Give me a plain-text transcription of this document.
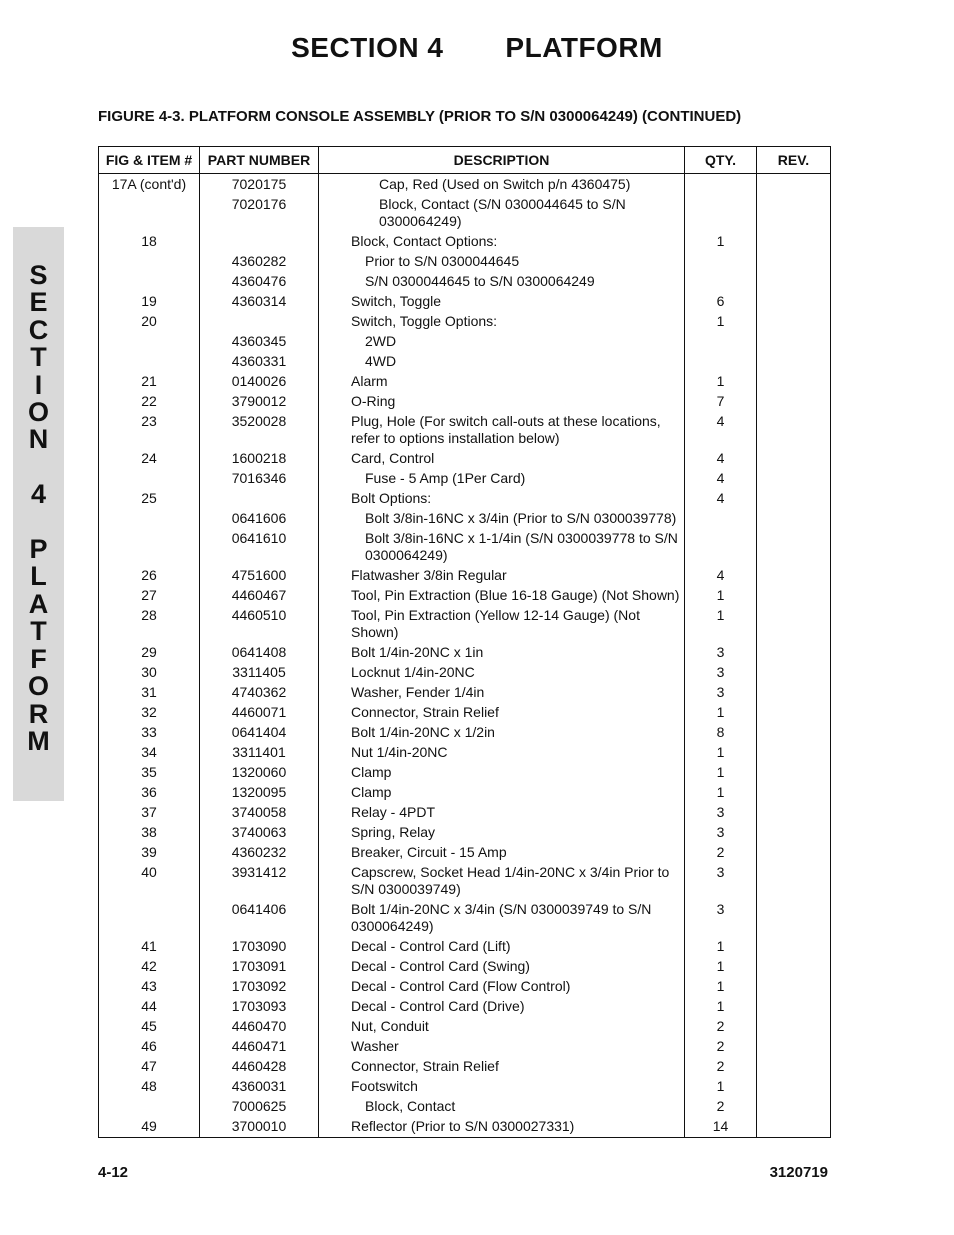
SECTION 4 PLATFORM
FIGURE 4-3. PLATFORM CONSOLE ASSEMBLY (PRIOR TO S/N 0300064249) (CONTINUED)
S
E
C
T
I
O
N

4

P
L
A
T
F
O
R
M
FIG & ITEM #	PART NUMBER	DESCRIPTION	QTY.	REV.
17A (cont'd)	7020175	Cap, Red (Used on Switch p/n 4360475)		
	7020176	Block, Contact (S/N 0300044645 to S/N 0300064249)		
18		Block, Contact Options:	1	
	4360282	Prior to S/N 0300044645		
	4360476	S/N 0300044645 to S/N 0300064249		
19	4360314	Switch, Toggle	6	
20		Switch, Toggle Options:	1	
	4360345	2WD		
	4360331	4WD		
21	0140026	Alarm	1	
22	3790012	O-Ring	7	
23	3520028	Plug, Hole (For switch call-outs at these locations, refer to options installation below)	4	
24	1600218	Card, Control	4	
	7016346	Fuse - 5 Amp (1Per Card)	4	
25		Bolt Options:	4	
	0641606	Bolt 3/8in-16NC x 3/4in (Prior to S/N 0300039778)		
	0641610	Bolt 3/8in-16NC x 1-1/4in (S/N 0300039778 to S/N 0300064249)		
26	4751600	Flatwasher 3/8in Regular	4	
27	4460467	Tool, Pin Extraction (Blue 16-18 Gauge) (Not Shown)	1	
28	4460510	Tool, Pin Extraction (Yellow 12-14 Gauge) (Not Shown)	1	
29	0641408	Bolt 1/4in-20NC x 1in	3	
30	3311405	Locknut 1/4in-20NC	3	
31	4740362	Washer, Fender 1/4in	3	
32	4460071	Connector, Strain Relief	1	
33	0641404	Bolt 1/4in-20NC x 1/2in	8	
34	3311401	Nut 1/4in-20NC	1	
35	1320060	Clamp	1	
36	1320095	Clamp	1	
37	3740058	Relay - 4PDT	3	
38	3740063	Spring, Relay	3	
39	4360232	Breaker, Circuit - 15 Amp	2	
40	3931412	Capscrew, Socket Head 1/4in-20NC x 3/4in Prior to S/N 0300039749)	3	
	0641406	Bolt 1/4in-20NC x 3/4in (S/N 0300039749 to S/N 0300064249)	3	
41	1703090	Decal - Control Card (Lift)	1	
42	1703091	Decal - Control Card (Swing)	1	
43	1703092	Decal - Control Card (Flow Control)	1	
44	1703093	Decal - Control Card (Drive)	1	
45	4460470	Nut, Conduit	2	
46	4460471	Washer	2	
47	4460428	Connector, Strain Relief	2	
48	4360031	Footswitch	1	
	7000625	Block, Contact	2	
49	3700010	Reflector (Prior to S/N 0300027331)	14	
4-12	3120719
